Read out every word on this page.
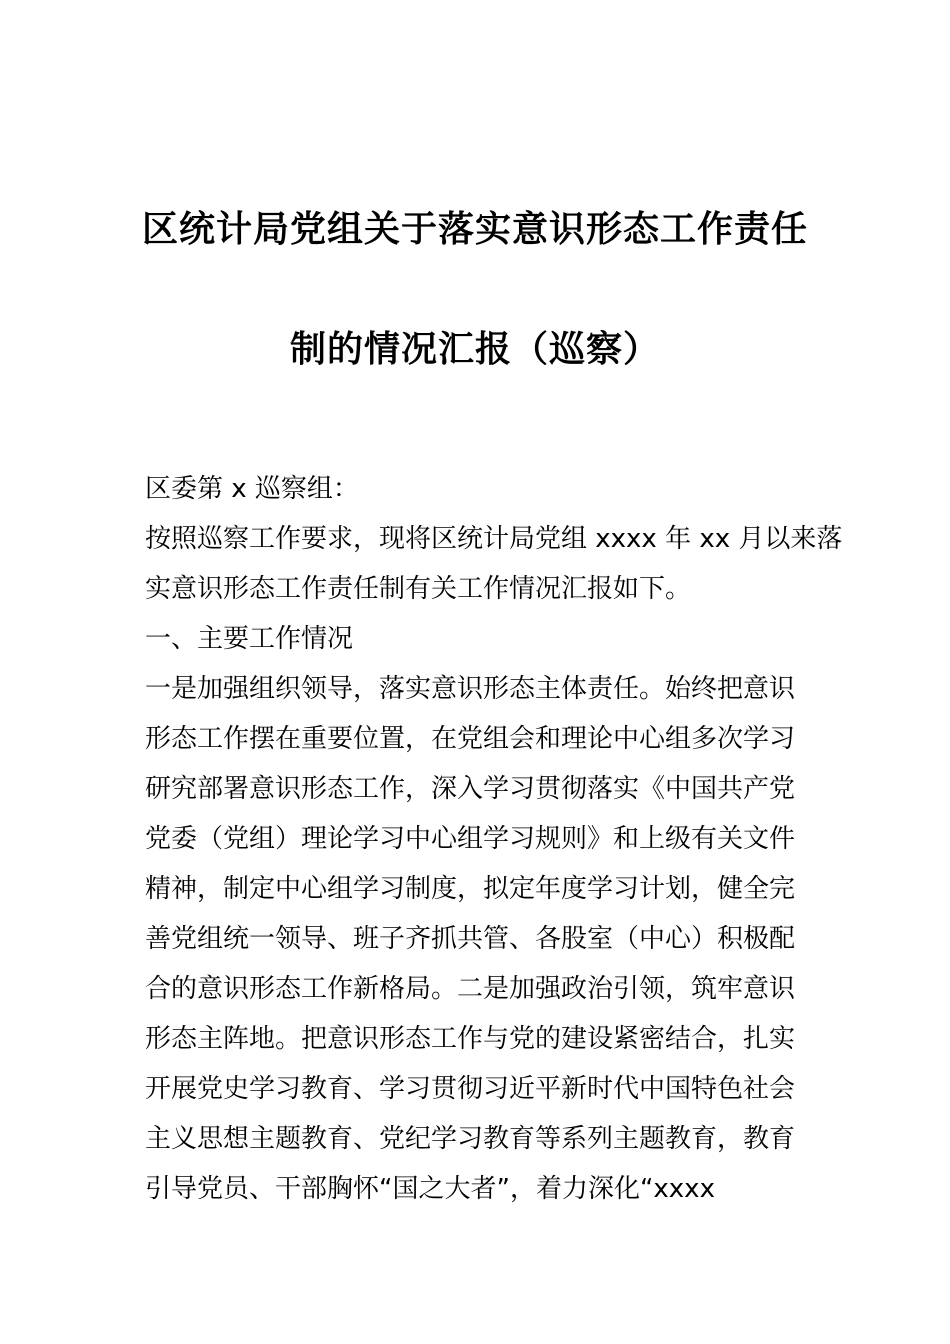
区统计局党组关于落实意识形态工作责任
制的情况汇报（巡察）
区委第 x 巡察组：
按照巡察工作要求，现将区统计局党组 xxxx 年 xx 月以来落
实意识形态工作责任制有关工作情况汇报如下。
一、主要工作情况
一是加强组织领导，落实意识形态主体责任。始终把意识
形态工作摆在重要位置，在党组会和理论中心组多次学习
研究部署意识形态工作，深入学习贯彻落实《中国共产党
党委（党组）理论学习中心组学习规则》和上级有关文件
精神，制定中心组学习制度，拟定年度学习计划，健全完
善党组统一领导、班子齐抓共管、各股室（中心）积极配
合的意识形态工作新格局。二是加强政治引领，筑牢意识
形态主阵地。把意识形态工作与党的建设紧密结合，扎实
开展党史学习教育、学习贯彻习近平新时代中国特色社会
主义思想主题教育、党纪学习教育等系列主题教育，教育
引导党员、干部胸怀“国之大者”，着力深化“xxxx
